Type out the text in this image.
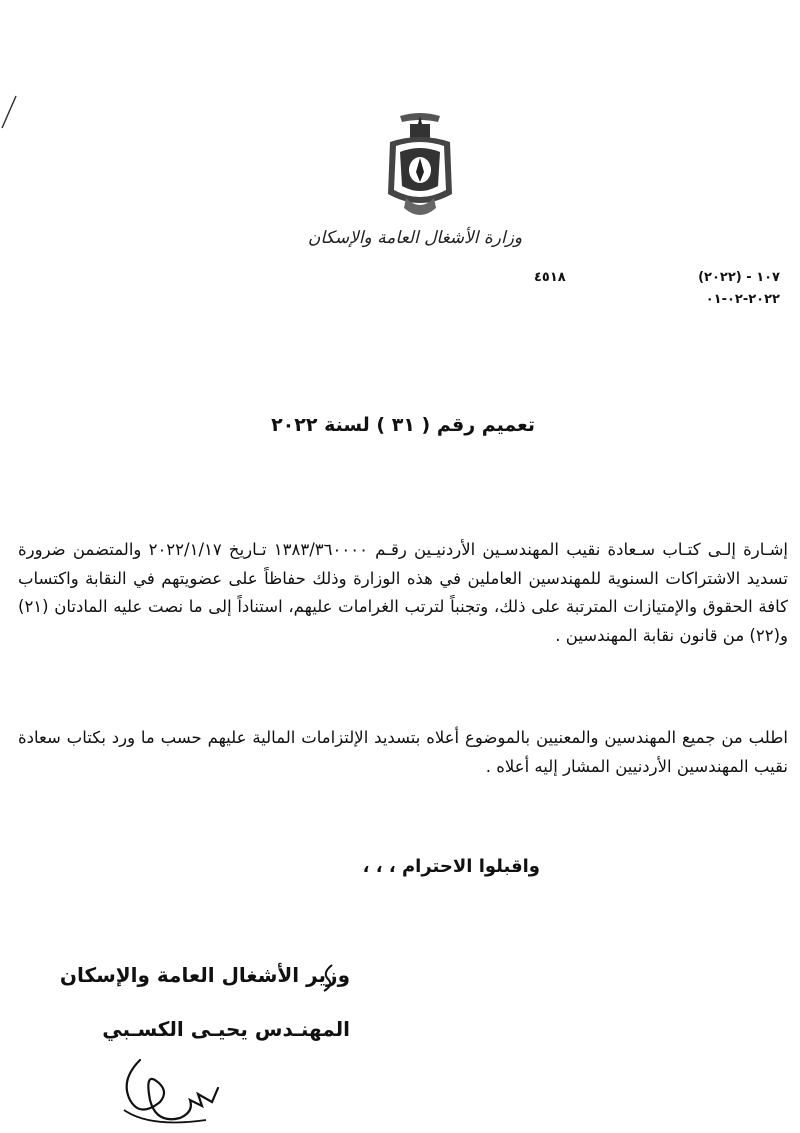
وزارة الأشغال العامة والإسكان
٤٥١٨	١٠٧ - (٢٠٢٢)
٢٠٢٢-٠٢-٠١
تعميم رقم ( ٣١ ) لسنة ٢٠٢٢
إشـارة إلـى كتـاب سـعادة نقيب المهندسـين الأردنيـين رقـم ١٣٨٣/٣٦٠٠٠٠ تـاريخ ٢٠٢٢/١/١٧ والمتضمن ضرورة تسديد الاشتراكات السنوية للمهندسين العاملين في هذه الوزارة وذلك حفاظاً على عضويتهم في النقابة واكتساب كافة الحقوق والإمتيازات المترتبة على ذلك، وتجنباً لترتب الغرامات عليهم، استناداً إلى ما نصت عليه المادتان (٢١) و(٢٢) من قانون نقابة المهندسين .
اطلب من جميع المهندسين والمعنيين بالموضوع أعلاه بتسديد الإلتزامات المالية عليهم حسب ما ورد بكتاب سعادة نقيب المهندسين الأردنيين المشار إليه أعلاه .
واقبلوا الاحترام ، ، ،
وزير الأشغال العامة والإسكان
المهنـدس يحيـى الكسـبي
